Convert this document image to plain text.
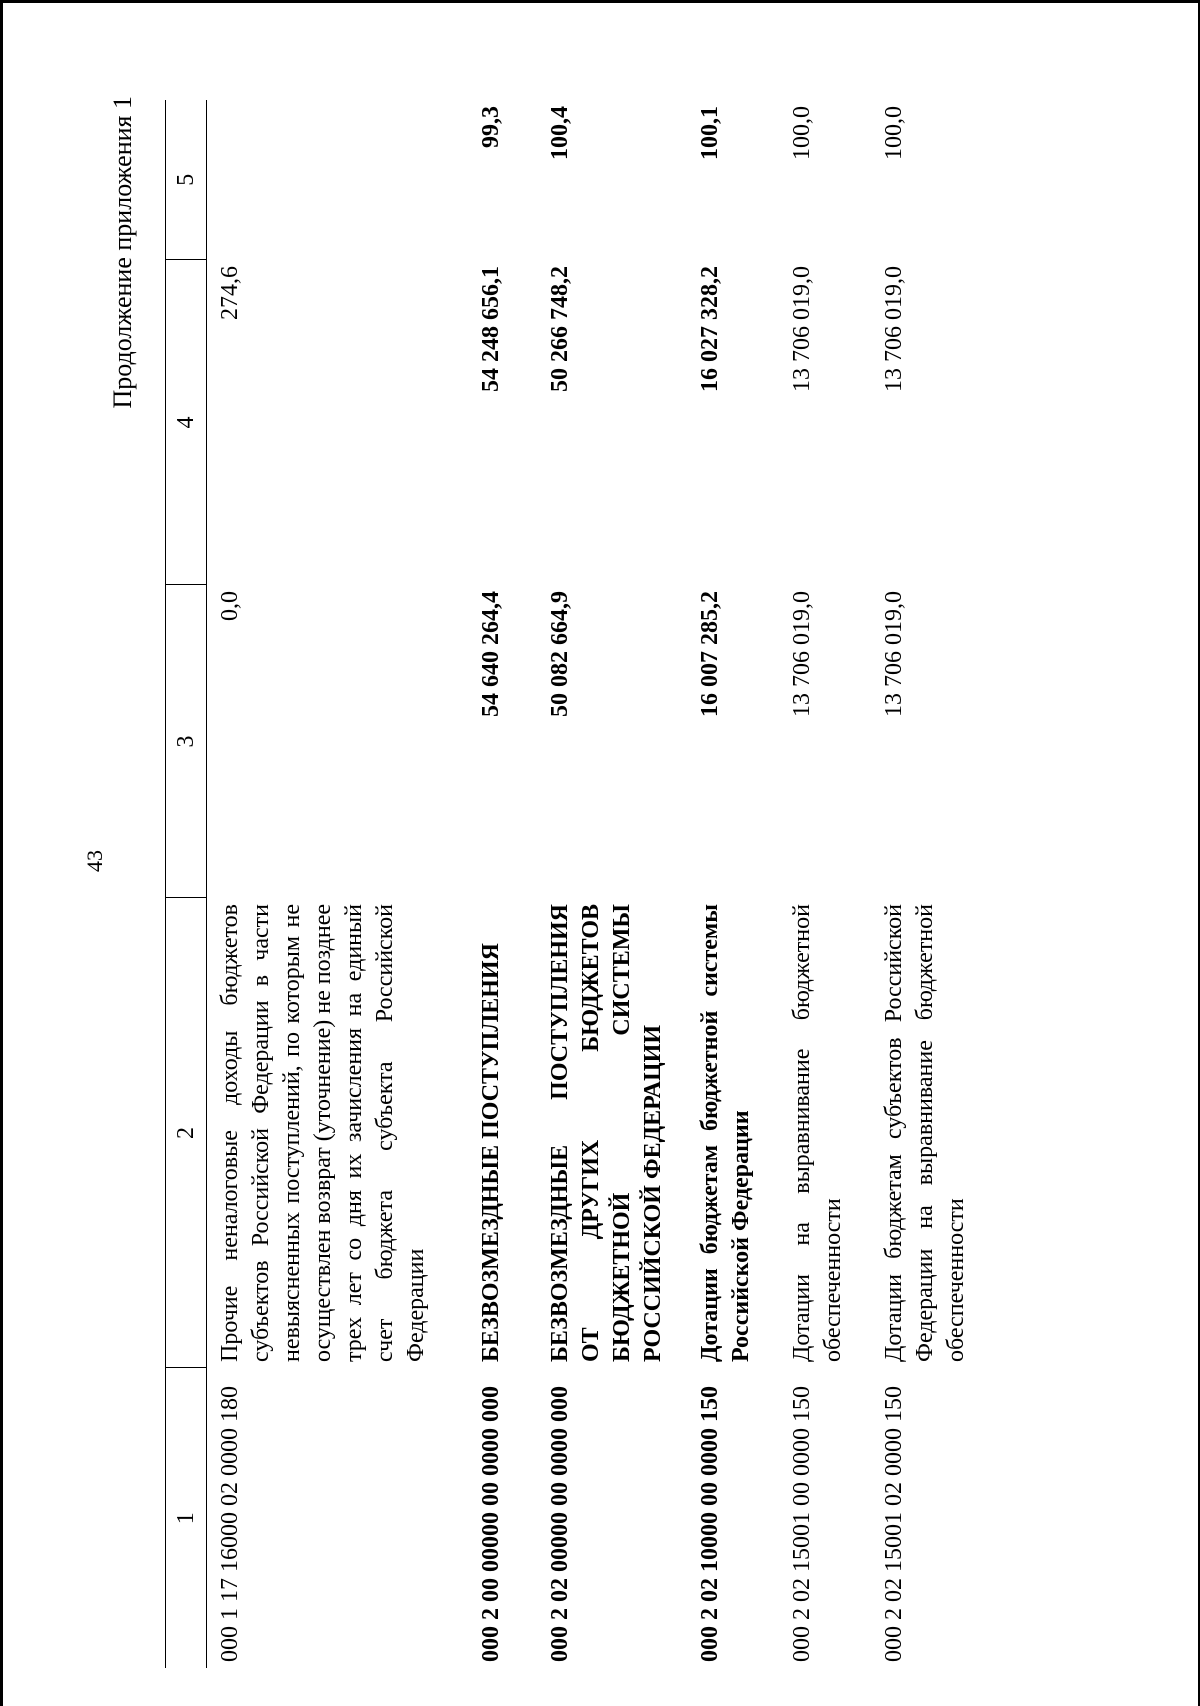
43
Продолжение приложения 1
1	2	3	4	5
000 1 17 16000 02 0000 180	Прочие неналоговые доходы бюджетов субъектов Российской Федерации в части невыясненных поступлений, по которым не осуществлен возврат (уточнение) не позднее трех лет со дня их зачисления на единый счет бюджета субъекта Российской Федерации	0,0	274,6	
000 2 00 00000 00 0000 000	БЕЗВОЗМЕЗДНЫЕ ПОСТУПЛЕНИЯ	54 640 264,4	54 248 656,1	99,3
000 2 02 00000 00 0000 000	БЕЗВОЗМЕЗДНЫЕ ПОСТУПЛЕНИЯ ОТ ДРУГИХ БЮДЖЕТОВ БЮДЖЕТНОЙ СИСТЕМЫ РОССИЙСКОЙ ФЕДЕРАЦИИ	50 082 664,9	50 266 748,2	100,4
000 2 02 10000 00 0000 150	Дотации бюджетам бюджетной системы Российской Федерации	16 007 285,2	16 027 328,2	100,1
000 2 02 15001 00 0000 150	Дотации на выравнивание бюджетной обеспеченности	13 706 019,0	13 706 019,0	100,0
000 2 02 15001 02 0000 150	Дотации бюджетам субъектов Российской Федерации на выравнивание бюджетной обеспеченности	13 706 019,0	13 706 019,0	100,0
